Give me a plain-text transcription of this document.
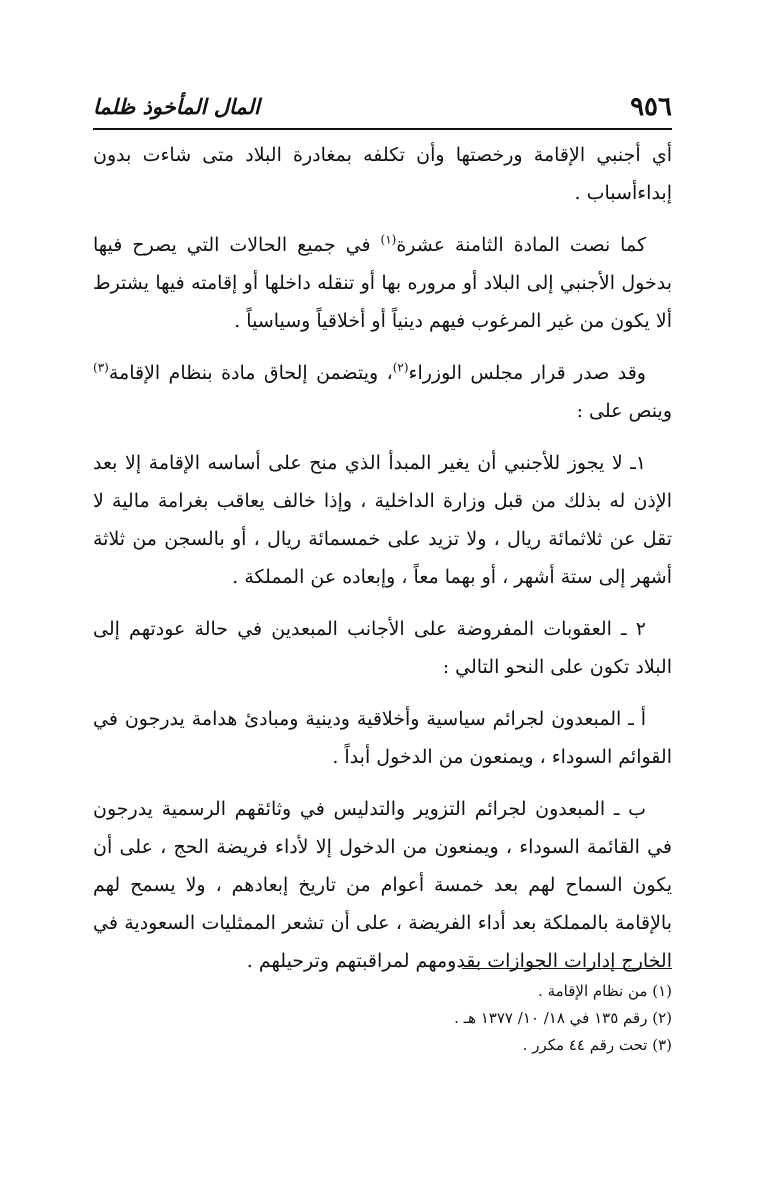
٩٥٦
المال المأخوذ ظلما

أي أجنبي الإقامة ورخصتها وأن تكلفه بمغادرة البلاد متى شاءت بدون إبداءأسباب .

كما نصت المادة الثامنة عشرة$^{(١)}$ في جميع الحالات التي يصرح فيها بدخول الأجنبي إلى البلاد أو مروره بها أو تنقله داخلها أو إقامته فيها يشترط ألا يكون من غير المرغوب فيهم دينياً أو أخلاقياً وسياسياً .

وقد صدر قرار مجلس الوزراء$^{(٢)}$، ويتضمن إلحاق مادة بنظام الإقامة$^{(٣)}$ وينص على :

١ـ لا يجوز للأجنبي أن يغير المبدأ الذي منح على أساسه الإقامة إلا بعد الإذن له بذلك من قبل وزارة الداخلية ، وإذا خالف يعاقب بغرامة مالية لا تقل عن ثلاثمائة ريال ، ولا تزيد على خمسمائة ريال ، أو بالسجن من ثلاثة أشهر إلى ستة أشهر ، أو بهما معاً ، وإبعاده عن المملكة .

٢ ـ العقوبات المفروضة على الأجانب المبعدين في حالة عودتهم إلى البلاد تكون على النحو التالي :

أ ـ المبعدون لجرائم سياسية وأخلاقية ودينية ومبادئ هدامة يدرجون في القوائم السوداء ، ويمنعون من الدخول أبداً .

ب ـ المبعدون لجرائم التزوير والتدليس في وثائقهم الرسمية يدرجون في القائمة السوداء ، ويمنعون من الدخول إلا لأداء فريضة الحج ، على أن يكون السماح لهم بعد خمسة أعوام من تاريخ إبعادهم ، ولا يسمح لهم بالإقامة بالمملكة بعد أداء الفريضة ، على أن تشعر الممثليات السعودية في الخارج إدارات الجوازات بقدومهم لمراقبتهم وترحيلهم .

(١) من نظام الإقامة .
(٢) رقم ١٣٥ في ١٨/ ١٠/ ١٣٧٧ هـ .
(٣) تحت رقم ٤٤ مكرر .
